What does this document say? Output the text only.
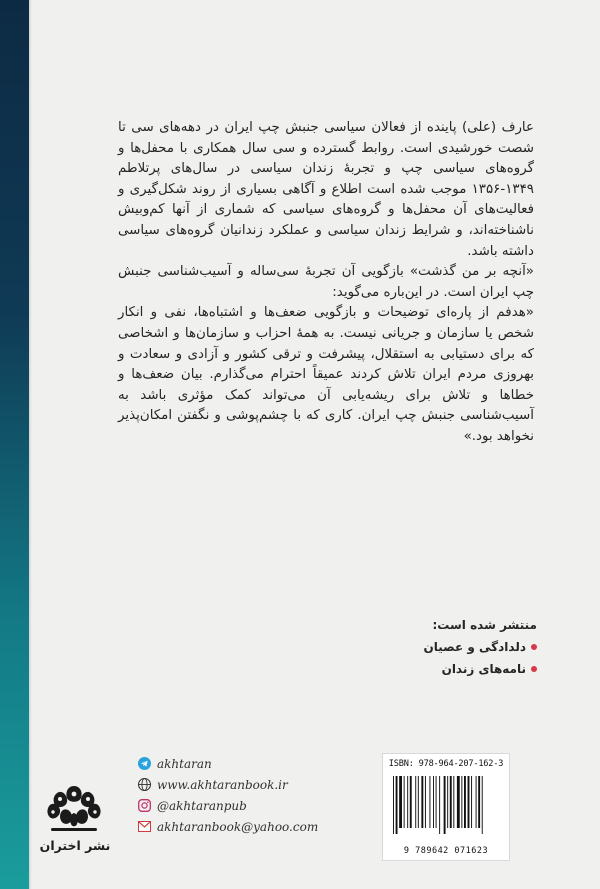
عارف (علی) پاینده از فعالان سیاسی جنبش چپ ایران در دهه‌های سی تا شصت خورشیدی است. روابط گسترده و سی سال همکاری با محفل‌ها و گروه‌های سیاسی چپ و تجربهٔ زندان سیاسی در سال‌های پرتلاطم ۱۳۴۹-۱۳۵۶ موجب شده است اطلاع و آگاهی بسیاری از روند شکل‌گیری و فعالیت‌های آن محفل‌ها و گروه‌های سیاسی که شماری از آنها کم‌وبیش ناشناخته‌اند، و شرایط زندان سیاسی و عملکرد زندانیان گروه‌های سیاسی داشته باشد.

«آنچه بر من گذشت» بازگویی آن تجربهٔ سی‌ساله و آسیب‌شناسی جنبش چپ ایران است. در این‌باره می‌گوید:

«هدفم از پاره‌ای توضیحات و بازگویی ضعف‌ها و اشتباه‌ها، نفی و انکار شخص یا سازمان و جریانی نیست. به همهٔ احزاب و سازمان‌ها و اشخاصی که برای دستیابی به استقلال، پیشرفت و ترقی کشور و آزادی و سعادت و بهروزی مردم ایران تلاش کردند عمیقاً احترام می‌گذارم. بیان ضعف‌ها و خطاها و تلاش برای ریشه‌یابی آن می‌تواند کمک مؤثری باشد به آسیب‌شناسی جنبش چپ ایران. کاری که با چشم‌پوشی و نگفتن امکان‌پذیر نخواهد بود.»

منتشر شده است:
دلدادگی و عصیان
نامه‌های زندان
ISBN: 978-964-207-162-3
9 789642 071623
akhtaran
www.akhtaranbook.ir
@akhtaranpub
akhtaranbook@yahoo.com
نشر اختران
